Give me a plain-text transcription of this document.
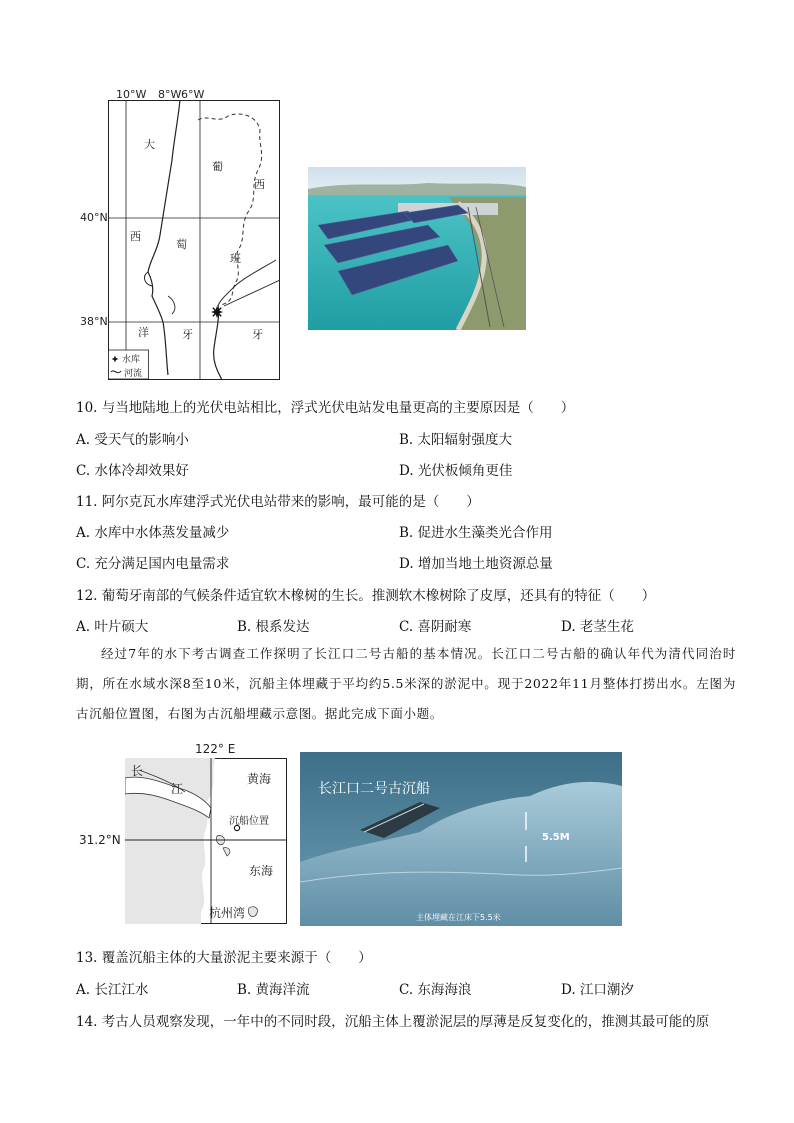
10°W 8°W 6°W
40°N
38°N
大
西
洋
萄
牙
葡
西
班
牙
水库
河流
10. 与当地陆地上的光伏电站相比，浮式光伏电站发电量更高的主要原因是（　　）
A. 受天气的影响小	B. 太阳辐射强度大
C. 水体冷却效果好	D. 光伏板倾角更佳
11. 阿尔克瓦水库建浮式光伏电站带来的影响，最可能的是（　　）
A. 水库中水体蒸发量减少	B. 促进水生藻类光合作用
C. 充分满足国内电量需求	D. 增加当地土地资源总量
12. 葡萄牙南部的气候条件适宜软木橡树的生长。推测软木橡树除了皮厚，还具有的特征（　　）
A. 叶片硕大	B. 根系发达	C. 喜阴耐寒	D. 老茎生花
经过7年的水下考古调查工作探明了长江口二号古船的基本情况。长江口二号古船的确认年代为清代同治时期，所在水域水深8至10米，沉船主体埋藏于平均约5.5米深的淤泥中。现于2022年11月整体打捞出水。左图为古沉船位置图，右图为古沉船埋藏示意图。据此完成下面小题。
122° E
31.2°N
长
江
黄海
沉船位置
东海
杭州湾
长江口二号古沉船
5.5M
主体埋藏在江床下5.5米
13. 覆盖沉船主体的大量淤泥主要来源于（　　）
A. 长江江水	B. 黄海洋流	C. 东海海浪	D. 江口潮汐
14. 考古人员观察发现，一年中的不同时段，沉船主体上覆淤泥层的厚薄是反复变化的，推测其最可能的原
